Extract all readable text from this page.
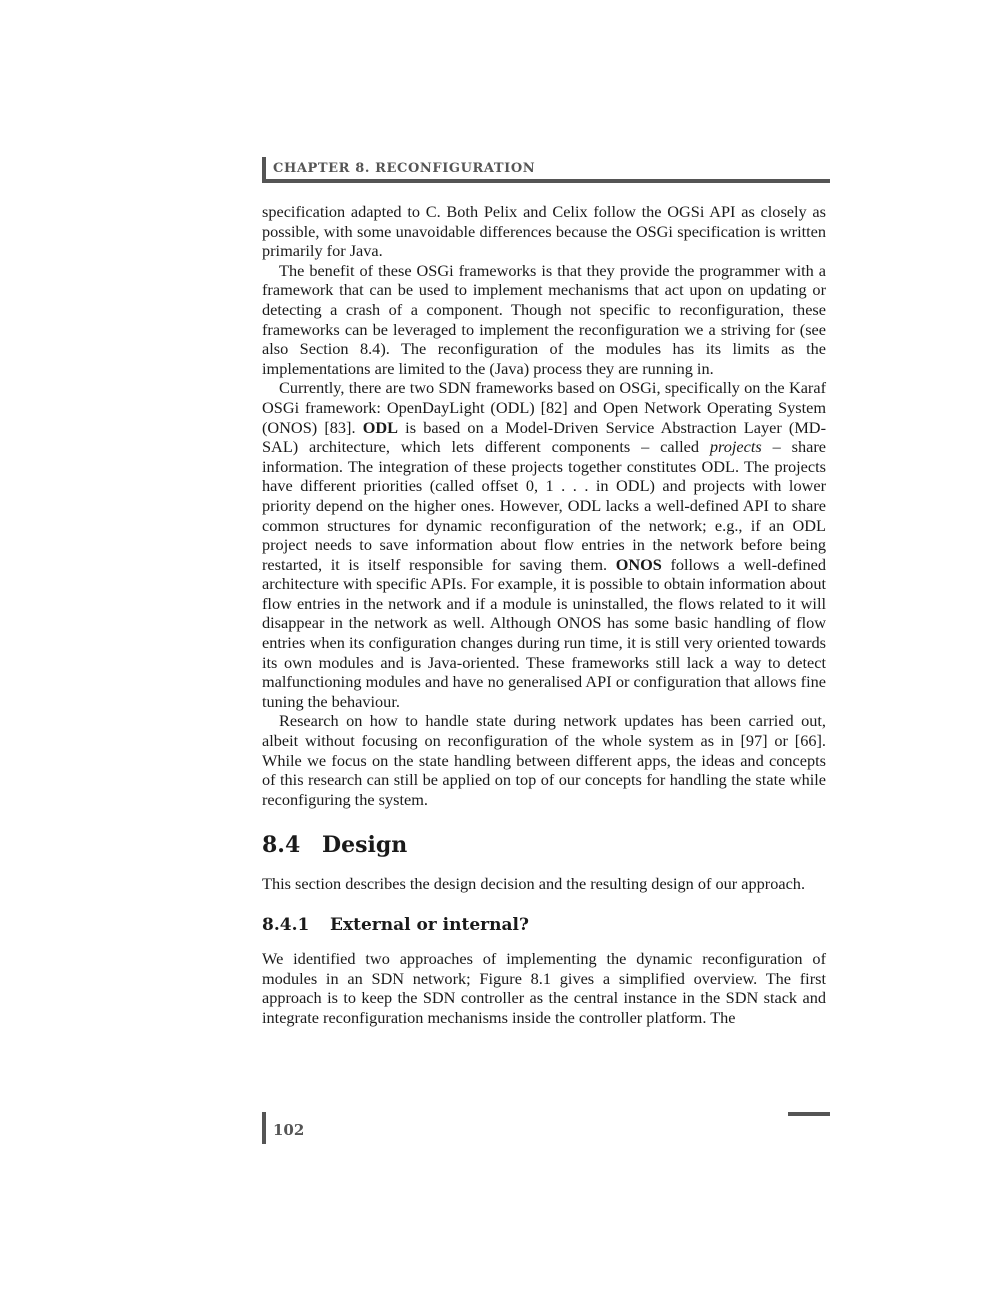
CHAPTER 8. RECONFIGURATION

specification adapted to C. Both Pelix and Celix follow the OGSi API as closely as possible, with some unavoidable differences because the OSGi specification is written primarily for Java.

The benefit of these OSGi frameworks is that they provide the programmer with a framework that can be used to implement mechanisms that act upon on updating or detecting a crash of a component. Though not specific to reconfiguration, these frameworks can be leveraged to implement the reconfiguration we a striving for (see also Section 8.4). The reconfiguration of the modules has its limits as the implementations are limited to the (Java) process they are running in.

Currently, there are two SDN frameworks based on OSGi, specifically on the Karaf OSGi framework: OpenDayLight (ODL) [82] and Open Network Operating System (ONOS) [83]. ODL is based on a Model-Driven Service Abstraction Layer (MD-SAL) architecture, which lets different components – called projects – share information. The integration of these projects together constitutes ODL. The projects have different priorities (called offset 0, 1 . . . in ODL) and projects with lower priority depend on the higher ones. However, ODL lacks a well-defined API to share common structures for dynamic reconfiguration of the network; e.g., if an ODL project needs to save information about flow entries in the network before being restarted, it is itself responsible for saving them. ONOS follows a well-defined architecture with specific APIs. For example, it is possible to obtain information about flow entries in the network and if a module is uninstalled, the flows related to it will disappear in the network as well. Although ONOS has some basic handling of flow entries when its configuration changes during run time, it is still very oriented towards its own modules and is Java-oriented. These frameworks still lack a way to detect malfunctioning modules and have no generalised API or configuration that allows fine tuning the behaviour.

Research on how to handle state during network updates has been carried out, albeit without focusing on reconfiguration of the whole system as in [97] or [66]. While we focus on the state handling between different apps, the ideas and concepts of this research can still be applied on top of our concepts for handling the state while reconfiguring the system.

8.4 Design

This section describes the design decision and the resulting design of our approach.

8.4.1	External or internal?

We identified two approaches of implementing the dynamic reconfiguration of modules in an SDN network; Figure 8.1 gives a simplified overview. The first approach is to keep the SDN controller as the central instance in the SDN stack and integrate reconfiguration mechanisms inside the controller platform. The

102
